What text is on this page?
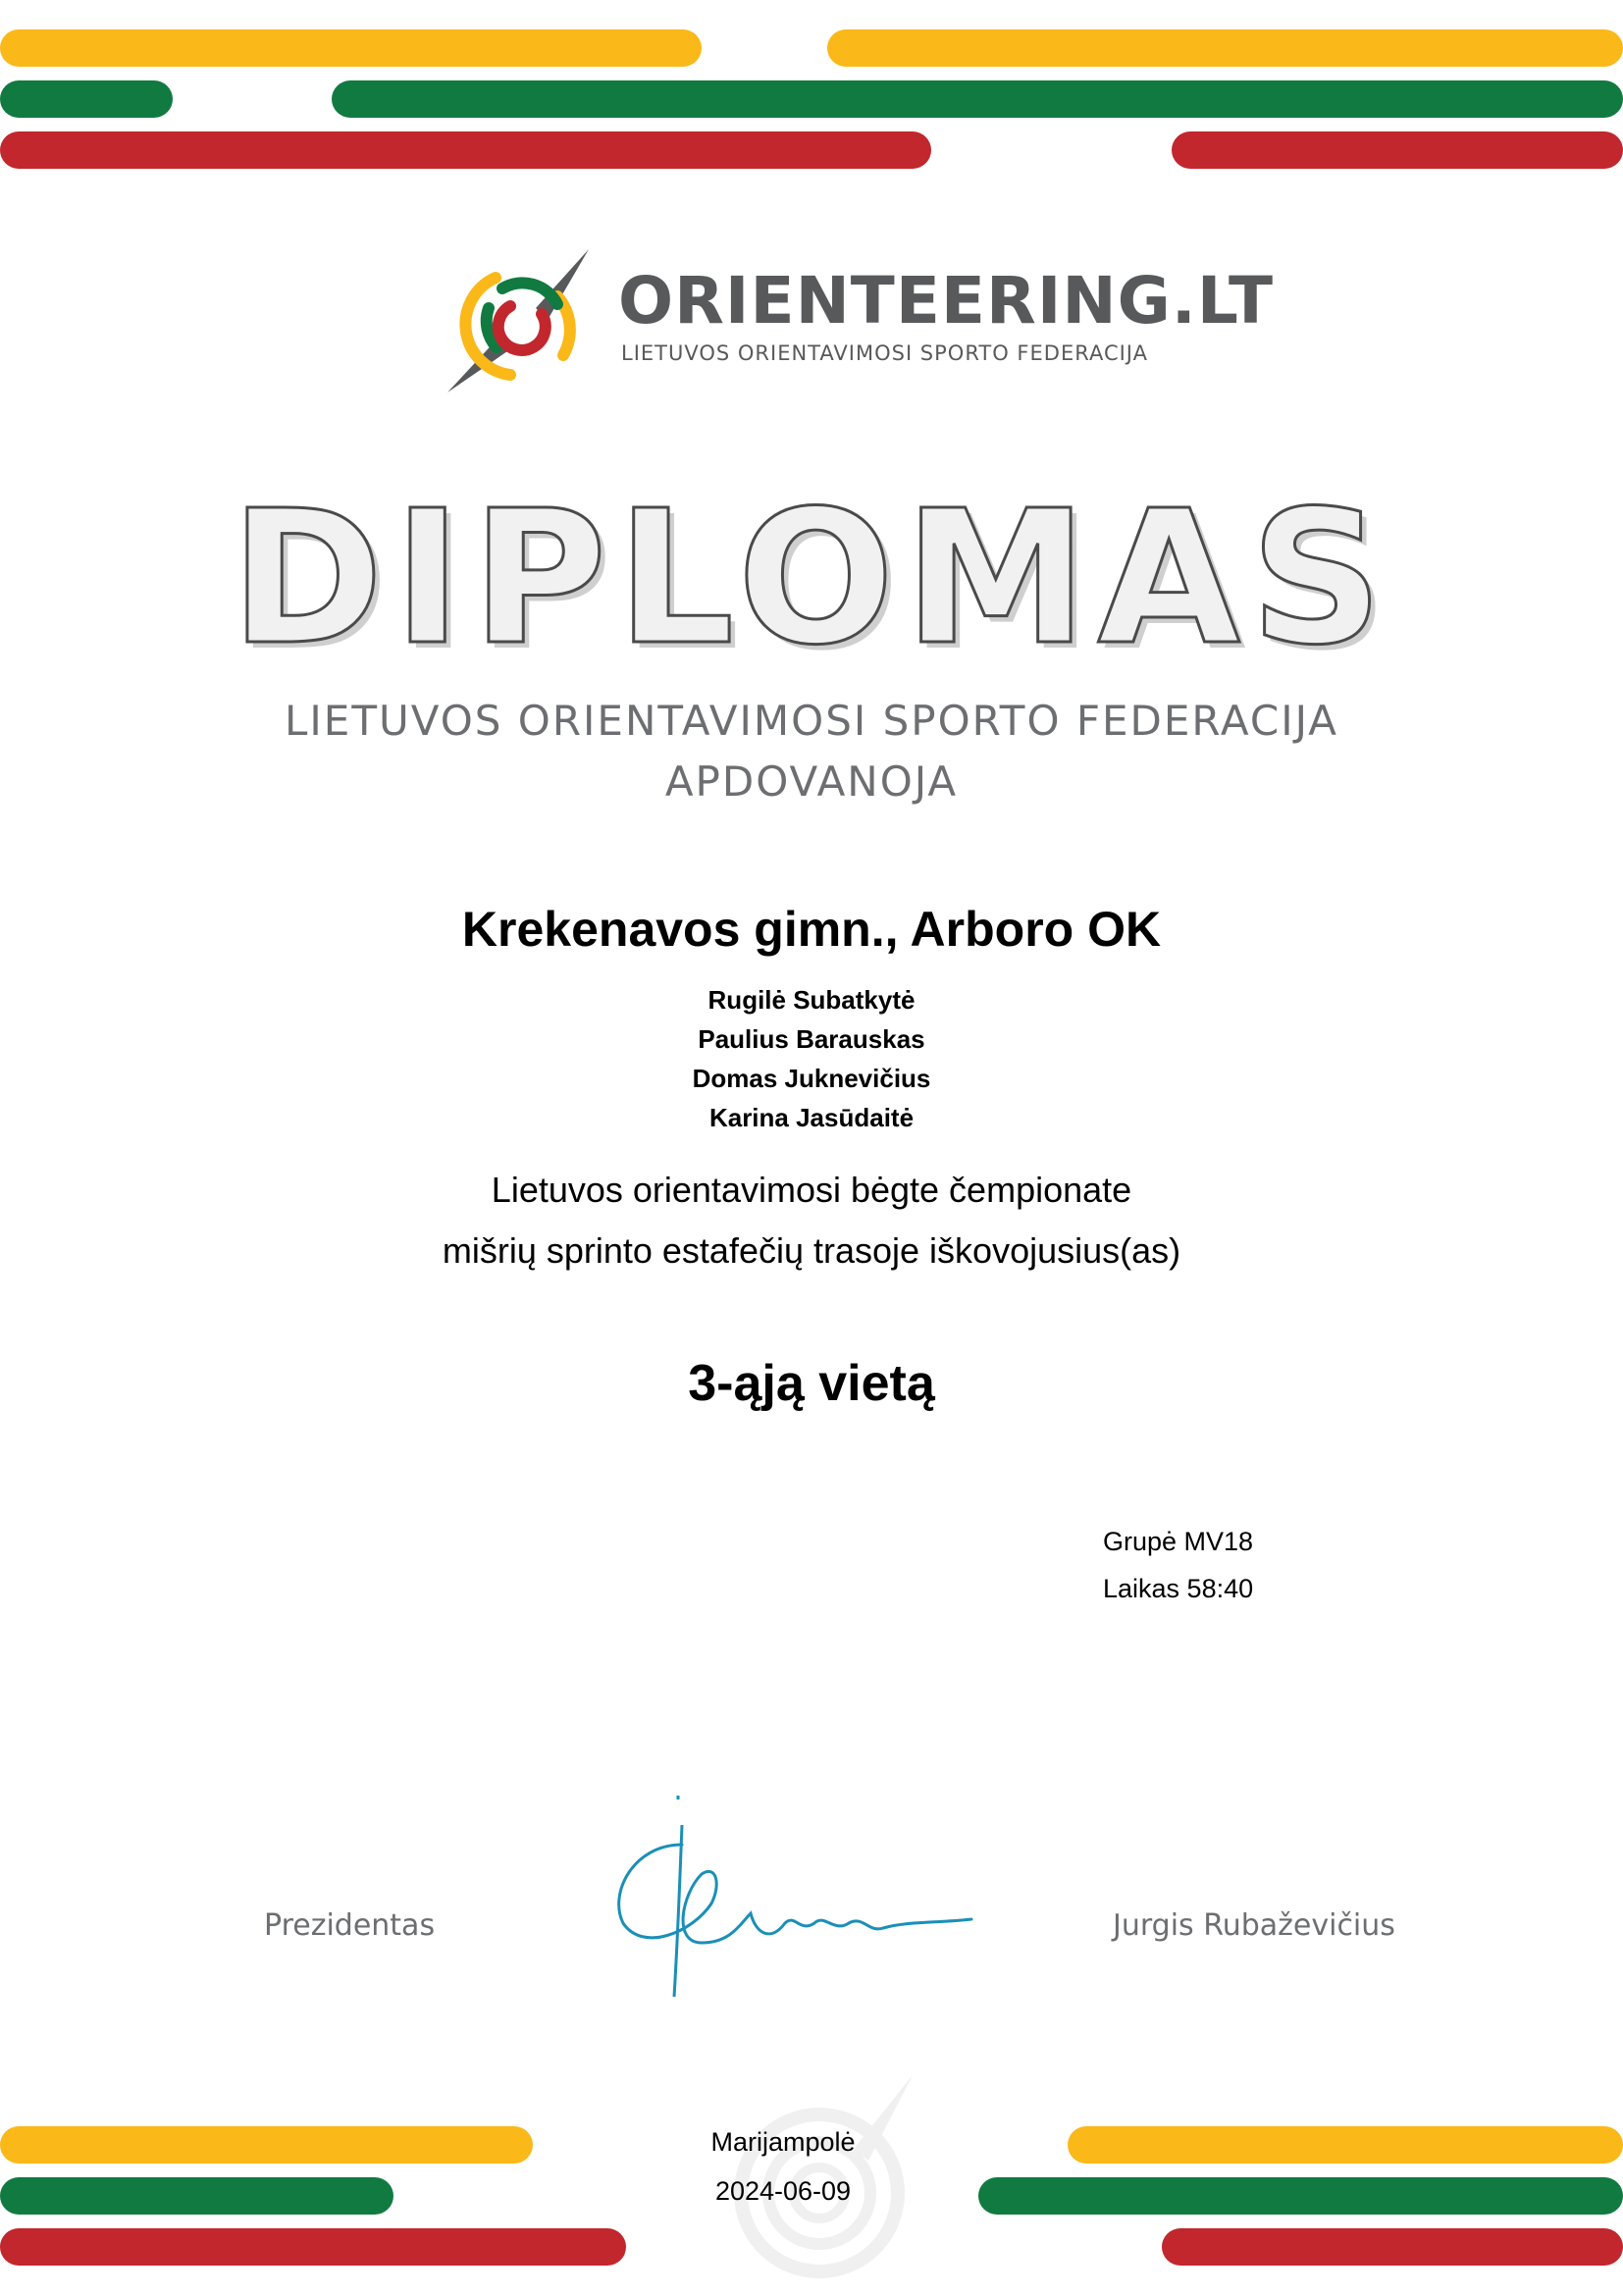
ORIENTEERING.LT
LIETUVOS ORIENTAVIMOSI SPORTO FEDERACIJA
DIPLOMAS
LIETUVOS ORIENTAVIMOSI SPORTO FEDERACIJA
APDOVANOJA
Krekenavos gimn., Arboro OK
Rugilė Subatkytė
Paulius Barauskas
Domas Juknevičius
Karina Jasūdaitė
Lietuvos orientavimosi bėgte čempionate
mišrių sprinto estafečių trasoje iškovojusius(as)
3-ąją vietą
Grupė MV18
Laikas 58:40
Prezidentas	Jurgis Rubaževičius
Marijampolė
2024-06-09
